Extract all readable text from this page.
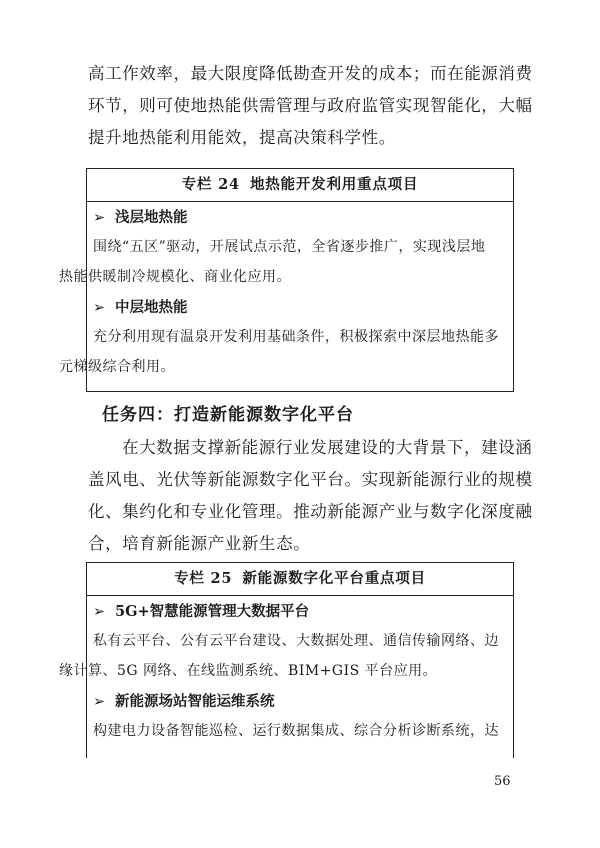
高工作效率，最大限度降低勘查开发的成本；而在能源消费
环节，则可使地热能供需管理与政府监管实现智能化，大幅
提升地热能利用能效，提高决策科学性。
专栏 24 地热能开发利用重点项目
➢ 浅层地热能
围绕“五区”驱动，开展试点示范，全省逐步推广，实现浅层地
热能供暖制冷规模化、商业化应用。
➢ 中层地热能
充分利用现有温泉开发利用基础条件，积极探索中深层地热能多
元梯级综合利用。
任务四：打造新能源数字化平台
在大数据支撑新能源行业发展建设的大背景下，建设涵
盖风电、光伏等新能源数字化平台。实现新能源行业的规模
化、集约化和专业化管理。推动新能源产业与数字化深度融
合，培育新能源产业新生态。
专栏 25 新能源数字化平台重点项目
➢ 5G+智慧能源管理大数据平台
私有云平台、公有云平台建设、大数据处理、通信传输网络、边
缘计算、5G 网络、在线监测系统、BIM+GIS 平台应用。
➢ 新能源场站智能运维系统
构建电力设备智能巡检、运行数据集成、综合分析诊断系统，达
56
